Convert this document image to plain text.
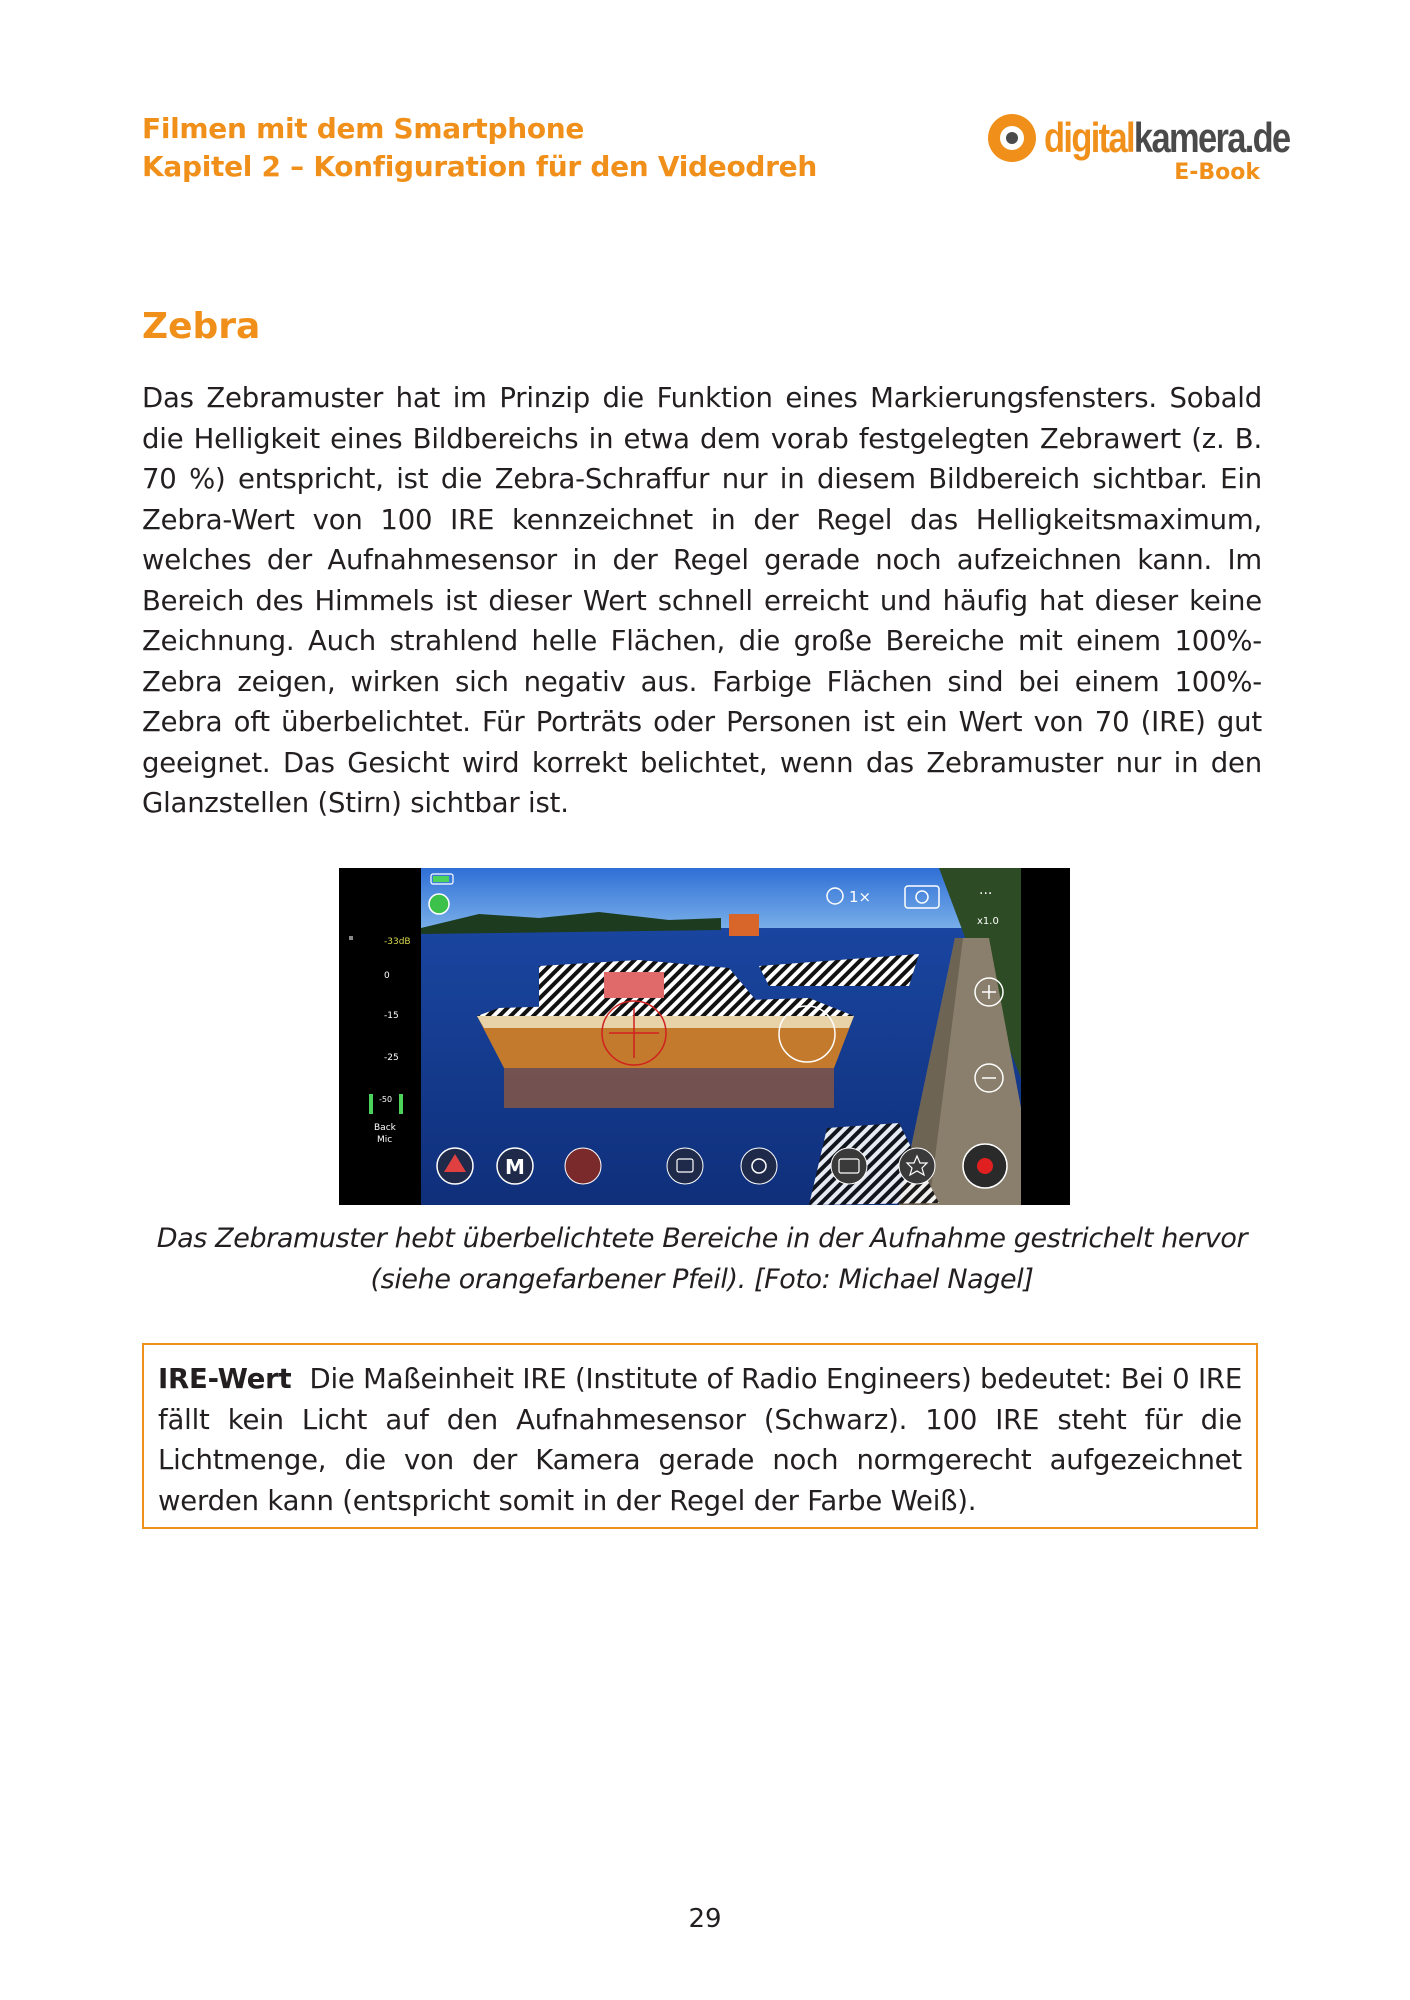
Filmen mit dem Smartphone
Kapitel 2 – Konfiguration für den Videodreh
digitalkamera.de
E-Book
Zebra

Das Zebramuster hat im Prinzip die Funktion eines Markierungsfensters. Sobald die Helligkeit eines Bildbereichs in etwa dem vorab festgelegten Zebrawert (z. B. 70 %) entspricht, ist die Zebra-Schraffur nur in diesem Bildbereich sichtbar. Ein Zebra-Wert von 100 IRE kennzeichnet in der Regel das Helligkeitsmaximum, welches der Aufnahmesensor in der Regel gerade noch aufzeichnen kann. Im Bereich des Himmels ist dieser Wert schnell erreicht und häufig hat dieser keine Zeichnung. Auch strahlend helle Flächen, die große Bereiche mit einem 100%-Zebra zeigen, wirken sich negativ aus. Farbige Flächen sind bei einem 100%-Zebra oft überbelichtet. Für Porträts oder Personen ist ein Wert von 70 (IRE) gut geeignet. Das Gesicht wird korrekt belichtet, wenn das Zebramuster nur in den Glanzstellen (Stirn) sichtbar ist.

-33dB
0
-15
-25
-50
Back
Mic
1×	···
x1.0
M

Das Zebramuster hebt überbelichtete Bereiche in der Aufnahme gestrichelt hervor (siehe orangefarbener Pfeil). [Foto: Michael Nagel]

IRE-Wert Die Maßeinheit IRE (Institute of Radio Engineers) bedeutet: Bei 0 IRE fällt kein Licht auf den Aufnahmesensor (Schwarz). 100 IRE steht für die Lichtmenge, die von der Kamera gerade noch normgerecht aufgezeichnet werden kann (entspricht somit in der Regel der Farbe Weiß).

29
